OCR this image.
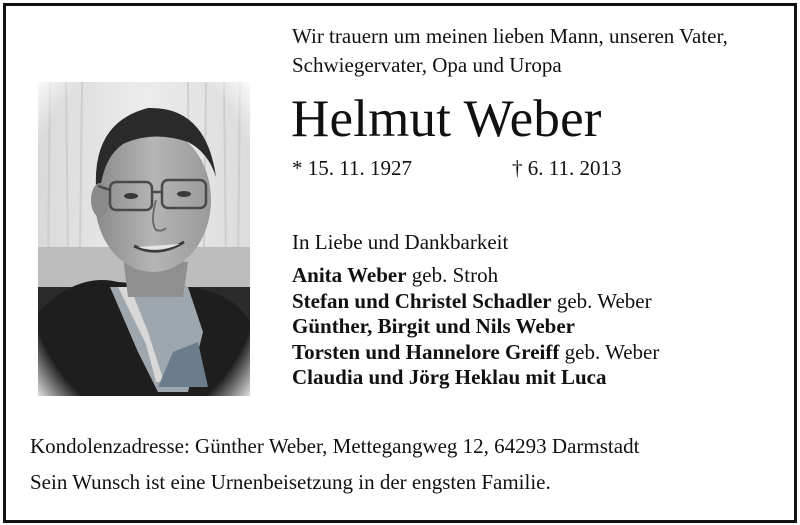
Wir trauern um meinen lieben Mann, unseren Vater,
Schwiegervater, Opa und Uropa
Helmut Weber
* 15. 11. 1927	† 6. 11. 2013
In Liebe und Dankbarkeit
Anita Weber geb. Stroh
Stefan und Christel Schadler geb. Weber
Günther, Birgit und Nils Weber
Torsten und Hannelore Greiff geb. Weber
Claudia und Jörg Heklau mit Luca
Kondolenzadresse: Günther Weber, Mettegangweg 12, 64293 Darmstadt
Sein Wunsch ist eine Urnenbeisetzung in der engsten Familie.
